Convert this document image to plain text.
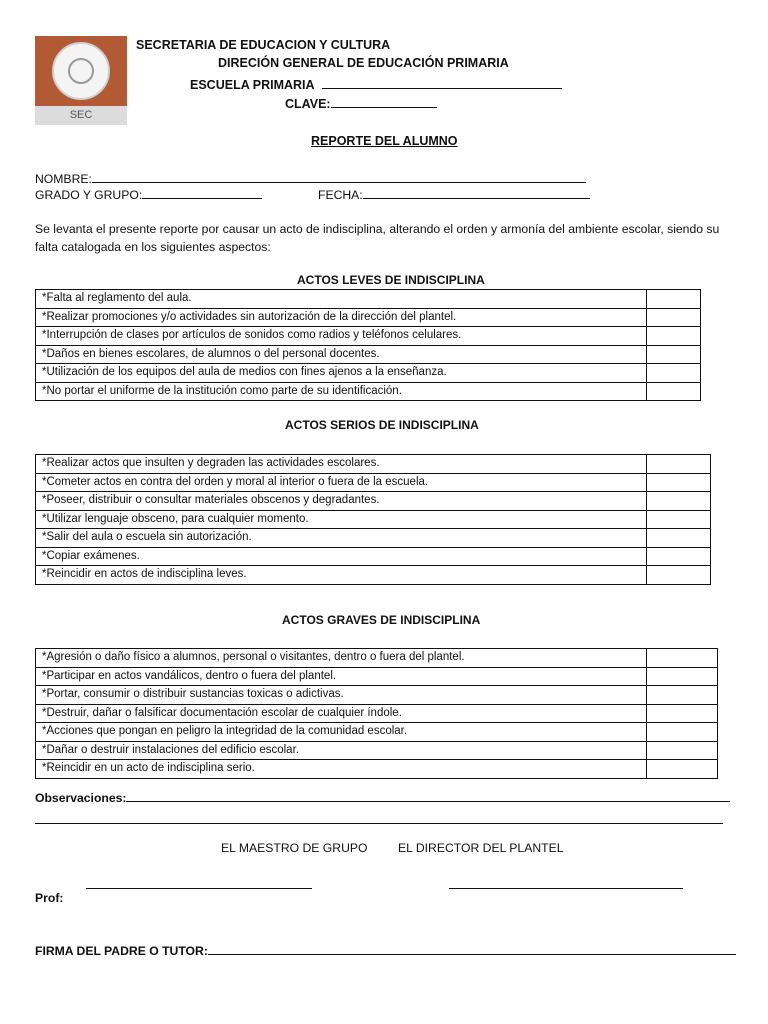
SEC
SECRETARIA DE EDUCACION Y CULTURA
DIRECIÓN GENERAL DE EDUCACIÓN PRIMARIA
ESCUELA PRIMARIA
CLAVE:
REPORTE DEL ALUMNO
NOMBRE:
GRADO Y GRUPO:	FECHA:
Se levanta el presente reporte por causar un acto de indisciplina, alterando el orden y armonía del ambiente escolar, siendo su falta catalogada en los siguientes aspectos:
ACTOS LEVES DE INDISCIPLINA
*Falta al reglamento del aula.	
*Realizar promociones y/o actividades sin autorización de la dirección del plantel.	
*Interrupción de clases por artículos de sonidos como radios y teléfonos celulares.	
*Daños en bienes escolares, de alumnos o del personal docentes.	
*Utilización de los equipos del aula de medios con fines ajenos a la enseñanza.	
*No portar el uniforme de la institución como parte de su identificación.	
ACTOS SERIOS DE INDISCIPLINA
*Realizar actos que insulten y degraden las actividades escolares.	
*Cometer actos en contra del orden y moral al interior o fuera de la escuela.	
*Poseer, distribuir o consultar materiales obscenos y degradantes.	
*Utilizar lenguaje obsceno, para cualquier momento.	
*Salir del aula o escuela sin autorización.	
*Copiar exámenes.	
*Reincidir en actos de indisciplina leves.	
ACTOS GRAVES DE INDISCIPLINA
*Agresión o daño físico a alumnos, personal o visitantes, dentro o fuera del plantel.	
*Participar en actos vandálicos, dentro o fuera del plantel.	
*Portar, consumir o distribuir sustancias toxicas o adictivas.	
*Destruir, dañar o falsificar documentación escolar de cualquier índole.	
*Acciones que pongan en peligro la integridad de la comunidad escolar.	
*Dañar o destruir instalaciones del edificio escolar.	
*Reincidir en un acto de indisciplina serio.	
Observaciones:
EL MAESTRO DE GRUPO	EL DIRECTOR DEL PLANTEL
Prof:
FIRMA DEL PADRE O TUTOR:
